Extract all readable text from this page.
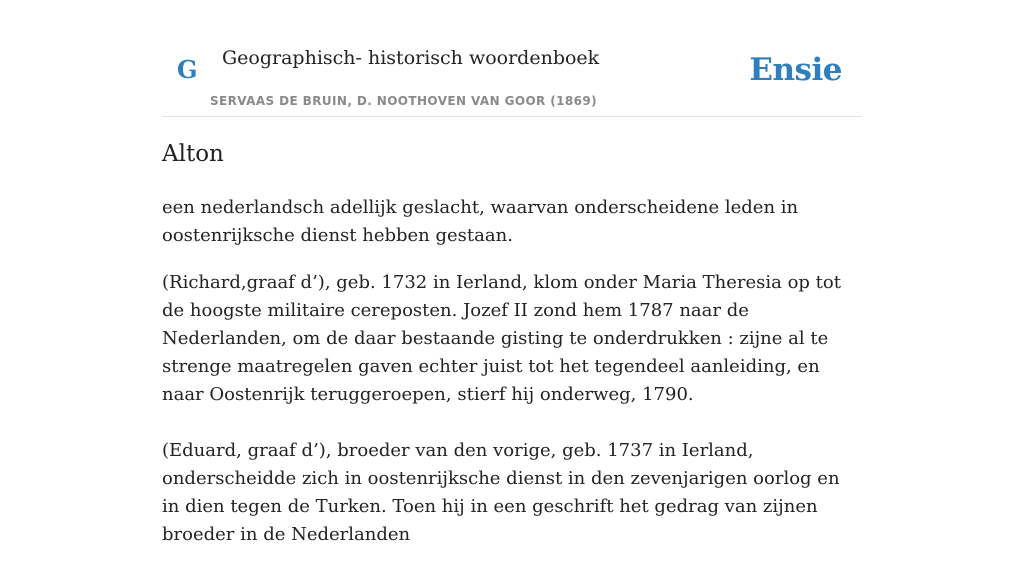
G Geographisch- historisch woordenboek
SERVAAS DE BRUIN, D. NOOTHOVEN VAN GOOR (1869)
Ensie
Alton

een nederlandsch adellijk geslacht, waarvan onderscheidene leden in oostenrijksche dienst hebben gestaan.

(Richard,graaf d’), geb. 1732 in Ierland, klom onder Maria Theresia op tot de hoogste militaire cereposten. Jozef II zond hem 1787 naar de Nederlanden, om de daar bestaande gisting te onderdrukken : zijne al te strenge maatregelen gaven echter juist tot het tegendeel aanleiding, en naar Oostenrijk teruggeroepen, stierf hij onderweg, 1790.

(Eduard, graaf d’), broeder van den vorige, geb. 1737 in Ierland, onderscheidde zich in oostenrijksche dienst in den zevenjarigen oorlog en in dien tegen de Turken. Toen hij in een geschrift het gedrag van zijnen broeder in de Nederlanden
